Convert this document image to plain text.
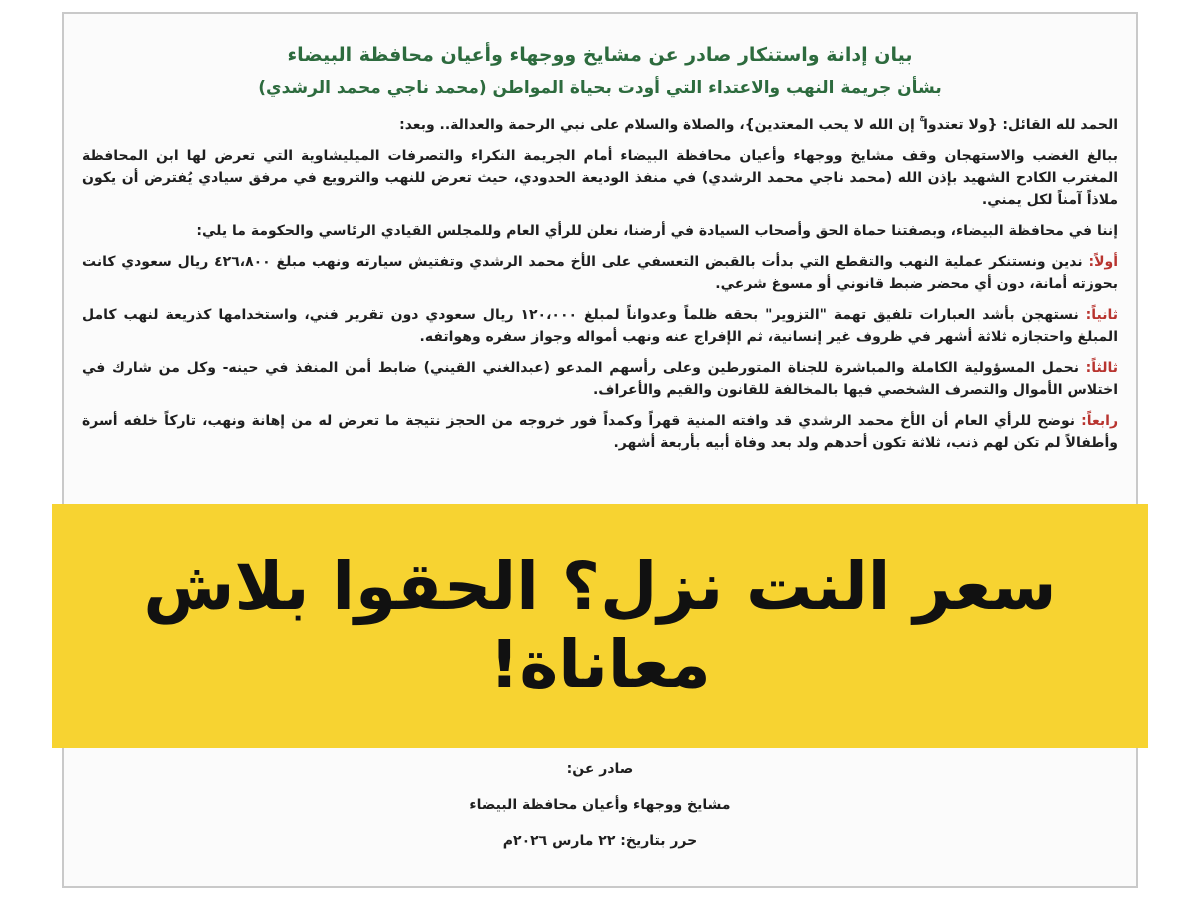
بيان إدانة واستنكار صادر عن مشايخ ووجهاء وأعيان محافظة البيضاء

بشأن جريمة النهب والاعتداء التي أودت بحياة المواطن (محمد ناجي محمد الرشدي)

الحمد لله القائل: {ولا تعتدوا ۚ إن الله لا يحب المعتدين}، والصلاة والسلام على نبي الرحمة والعدالة.. وبعد:

ببالغ الغضب والاستهجان وقف مشايخ ووجهاء وأعيان محافظة البيضاء أمام الجريمة النكراء والتصرفات الميليشاوية التي تعرض لها ابن المحافظة المغترب الكادح الشهيد بإذن الله (محمد ناجي محمد الرشدي) في منفذ الوديعة الحدودي، حيث تعرض للنهب والترويع في مرفق سيادي يُفترض أن يكون ملاذاً آمناً لكل يمني.

إننا في محافظة البيضاء، وبصفتنا حماة الحق وأصحاب السيادة في أرضنا، نعلن للرأي العام وللمجلس القيادي الرئاسي والحكومة ما يلي:

أولاً: ندين ونستنكر عملية النهب والتقطع التي بدأت بالقبض التعسفي على الأخ محمد الرشدي وتفتيش سيارته ونهب مبلغ ٤٢٦،٨٠٠ ريال سعودي كانت بحوزته أمانة، دون أي محضر ضبط قانوني أو مسوغ شرعي.

ثانياً: نستهجن بأشد العبارات تلفيق تهمة "التزوير" بحقه ظلماً وعدواناً لمبلغ ١٢٠،٠٠٠ ريال سعودي دون تقرير فني، واستخدامها كذريعة لنهب كامل المبلغ واحتجازه ثلاثة أشهر في ظروف غير إنسانية، ثم الإفراج عنه ونهب أمواله وجواز سفره وهواتفه.

ثالثاً: نحمل المسؤولية الكاملة والمباشرة للجناة المتورطين وعلى رأسهم المدعو (عبدالغني القيني) ضابط أمن المنفذ في حينه- وكل من شارك في اختلاس الأموال والتصرف الشخصي فيها بالمخالفة للقانون والقيم والأعراف.

رابعاً: نوضح للرأي العام أن الأخ محمد الرشدي قد وافته المنية قهراً وكمداً فور خروجه من الحجز نتيجة ما تعرض له من إهانة ونهب، تاركاً خلفه أسرة وأطفالاً لم تكن لهم ذنب، ثلاثة تكون أحدهم ولد بعد وفاة أبيه بأربعة أشهر.

صادر عن:

مشايخ ووجهاء وأعيان محافظة البيضاء

حرر بتاريخ: ٢٢ مارس ٢٠٢٦م

سعر النت نزل؟ الحقوا بلاش معاناة!
